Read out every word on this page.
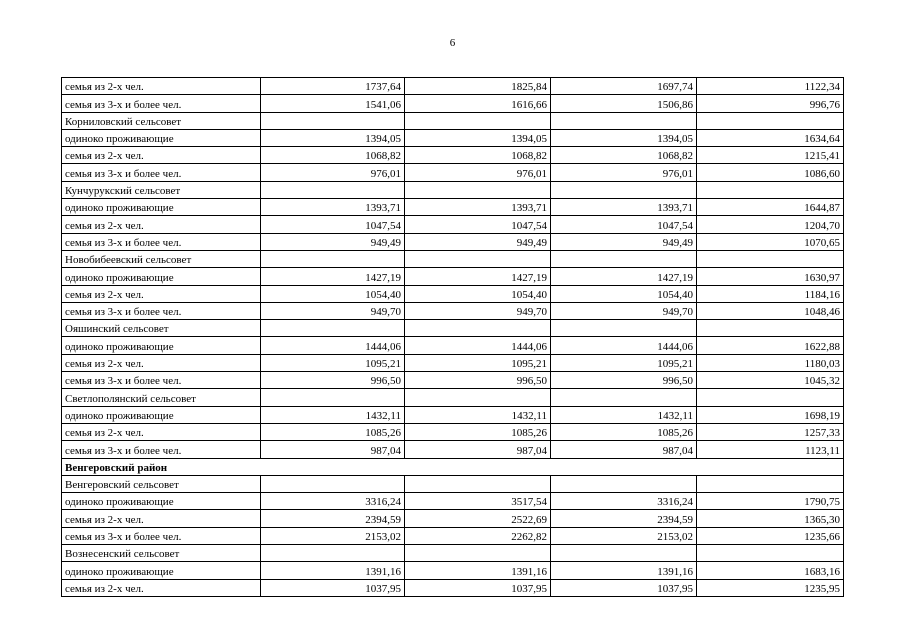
6
семья из 2-х чел.	1737,64	1825,84	1697,74	1122,34
семья из 3-х и более чел.	1541,06	1616,66	1506,86	996,76
Корниловский сельсовет				
одиноко проживающие	1394,05	1394,05	1394,05	1634,64
семья из 2-х чел.	1068,82	1068,82	1068,82	1215,41
семья из 3-х и более чел.	976,01	976,01	976,01	1086,60
Кунчурукский сельсовет				
одиноко проживающие	1393,71	1393,71	1393,71	1644,87
семья из 2-х чел.	1047,54	1047,54	1047,54	1204,70
семья из 3-х и более чел.	949,49	949,49	949,49	1070,65
Новобибеевский сельсовет				
одиноко проживающие	1427,19	1427,19	1427,19	1630,97
семья из 2-х чел.	1054,40	1054,40	1054,40	1184,16
семья из 3-х и более чел.	949,70	949,70	949,70	1048,46
Ояшинский сельсовет				
одиноко проживающие	1444,06	1444,06	1444,06	1622,88
семья из 2-х чел.	1095,21	1095,21	1095,21	1180,03
семья из 3-х и более чел.	996,50	996,50	996,50	1045,32
Светлополянский сельсовет				
одиноко проживающие	1432,11	1432,11	1432,11	1698,19
семья из 2-х чел.	1085,26	1085,26	1085,26	1257,33
семья из 3-х и более чел.	987,04	987,04	987,04	1123,11
Венгеровский район				
Венгеровский сельсовет				
одиноко проживающие	3316,24	3517,54	3316,24	1790,75
семья из 2-х чел.	2394,59	2522,69	2394,59	1365,30
семья из 3-х и более чел.	2153,02	2262,82	2153,02	1235,66
Вознесенский сельсовет				
одиноко проживающие	1391,16	1391,16	1391,16	1683,16
семья из 2-х чел.	1037,95	1037,95	1037,95	1235,95
